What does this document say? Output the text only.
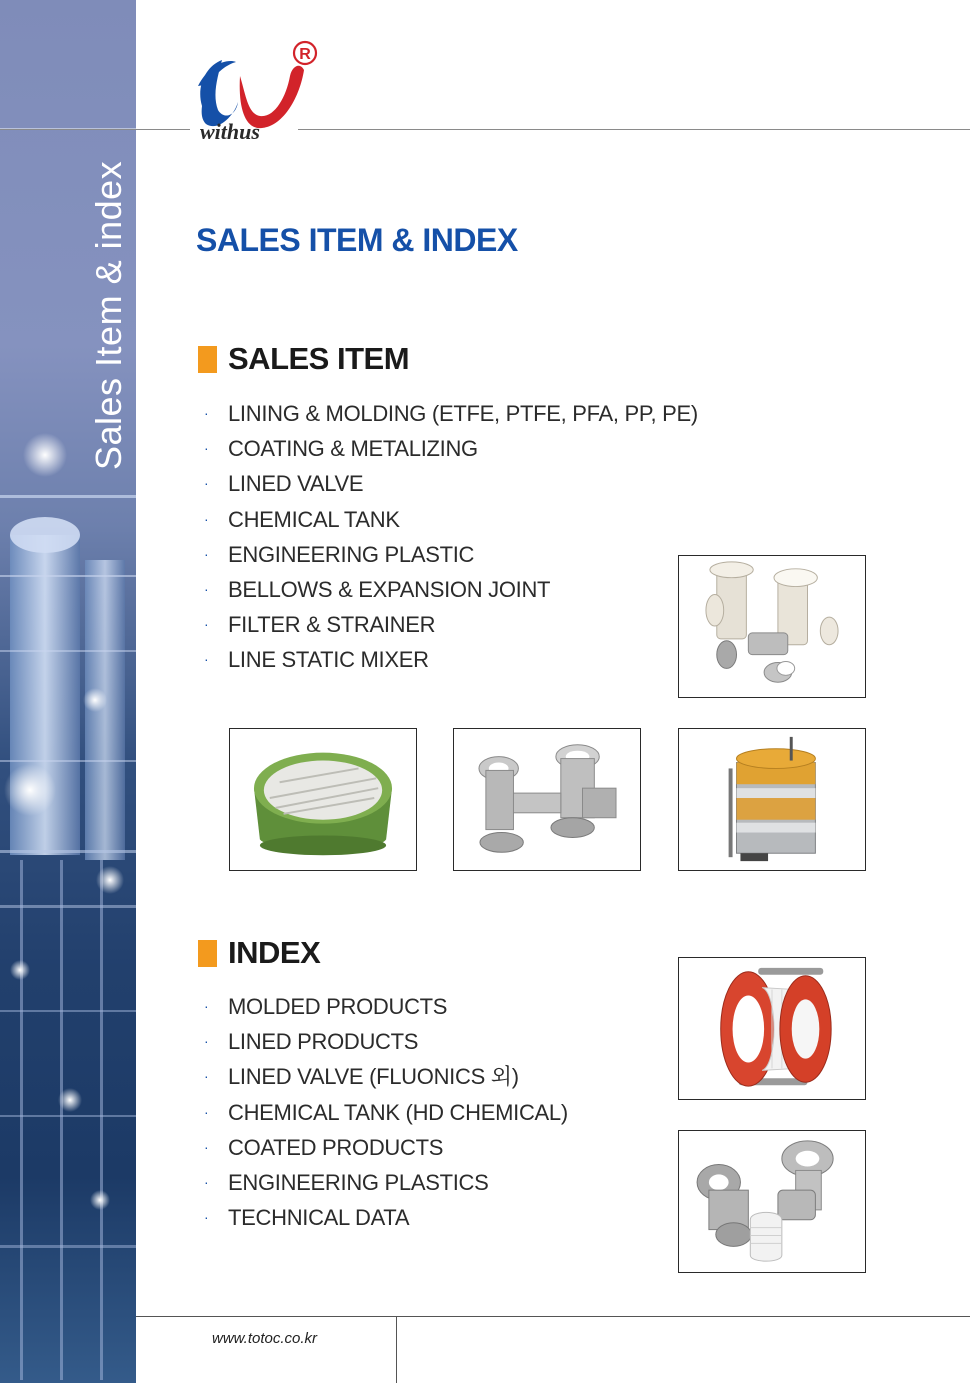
Sales Item & index
R
withus
SALES ITEM & INDEX
SALES ITEM
· LINING & MOLDING (ETFE, PTFE, PFA, PP, PE)
· COATING & METALIZING
· LINED VALVE
· CHEMICAL TANK
· ENGINEERING PLASTIC
· BELLOWS & EXPANSION JOINT
· FILTER & STRAINER
· LINE STATIC MIXER
INDEX
· MOLDED PRODUCTS
· LINED PRODUCTS
· LINED VALVE (FLUONICS 외)
· CHEMICAL TANK (HD CHEMICAL)
· COATED PRODUCTS
· ENGINEERING PLASTICS
· TECHNICAL DATA
www.totoc.co.kr
